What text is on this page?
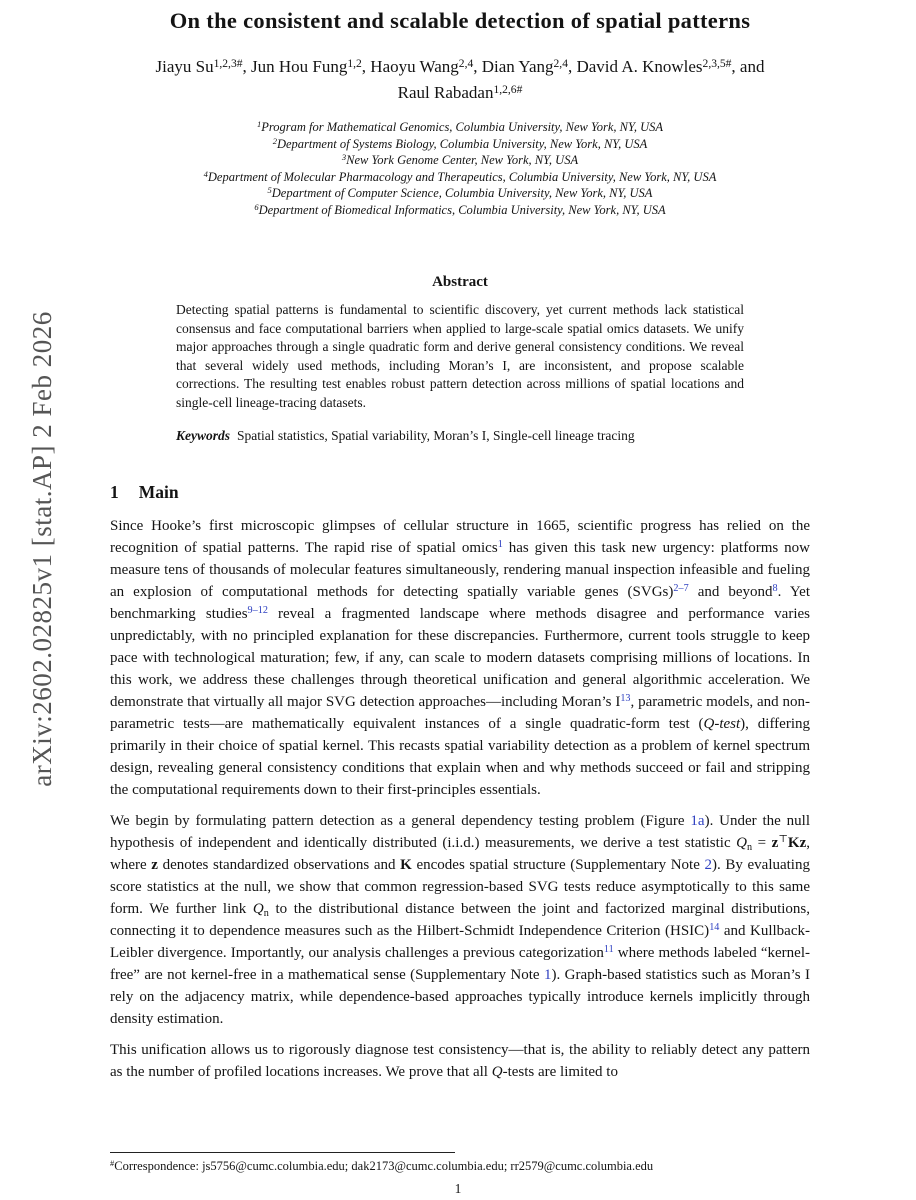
arXiv:2602.02825v1 [stat.AP] 2 Feb 2026
On the consistent and scalable detection of spatial patterns
Jiayu $Su^{1,2,3\#}$, Jun Hou Fung$^{1,2}$, Haoyu Wang$^{2,4}$, Dian Yang$^{2,4}$, David A. Knowles$^{2,3,5\#}$, and Raul Rabadan$^{1,2,6\#}$
$^1$Program for Mathematical Genomics, Columbia University, New York, NY, USA
$^2$Department of Systems Biology, Columbia University, New York, NY, USA
$^3$New York Genome Center, New York, NY, USA
$^4$Department of Molecular Pharmacology and Therapeutics, Columbia University, New York, NY, USA
$^5$Department of Computer Science, Columbia University, New York, NY, USA
$^6$Department of Biomedical Informatics, Columbia University, New York, NY, USA
Abstract
Detecting spatial patterns is fundamental to scientific discovery, yet current methods lack statistical consensus and face computational barriers when applied to large-scale spatial omics datasets. We unify major approaches through a single quadratic form and derive general consistency conditions. We reveal that several widely used methods, including Moran’s I, are inconsistent, and propose scalable corrections. The resulting test enables robust pattern detection across millions of spatial locations and single-cell lineage-tracing datasets.
Keywords Spatial statistics, Spatial variability, Moran’s I, Single-cell lineage tracing
1 Main
Since Hooke’s first microscopic glimpses of cellular structure in 1665, scientific progress has relied on the recognition of spatial patterns. The rapid rise of spatial omics$^1$ has given this task new urgency: platforms now measure tens of thousands of molecular features simultaneously, rendering manual inspection infeasible and fueling an explosion of computational methods for detecting spatially variable genes (SVGs)$^{2-7}$ and beyond$^8$. Yet benchmarking studies$^{9-12}$ reveal a fragmented landscape where methods disagree and performance varies unpredictably, with no principled explanation for these discrepancies. Furthermore, current tools struggle to keep pace with technological maturation; few, if any, can scale to modern datasets comprising millions of locations. In this work, we address these challenges through theoretical unification and general algorithmic acceleration. We demonstrate that virtually all major SVG detection approaches—including Moran’s $I^{13}$, parametric models, and non-parametric tests—are mathematically equivalent instances of a single quadratic-form test (Q-test), differing primarily in their choice of spatial kernel. This recasts spatial variability detection as a problem of kernel spectrum design, revealing general consistency conditions that explain when and why methods succeed or fail and stripping the computational requirements down to their first-principles essentials.
We begin by formulating pattern detection as a general dependency testing problem (Figure 1a). Under the null hypothesis of independent and identically distributed (i.i.d.) measurements, we derive a test statistic Qn = z⊤Kz, where z denotes standardized observations and K encodes spatial structure (Supplementary Note 2). By evaluating score statistics at the null, we show that common regression-based SVG tests reduce asymptotically to this same form. We further link Qn to the distributional distance between the joint and factorized marginal distributions, connecting it to dependence measures such as the Hilbert-Schmidt Independence Criterion (HSIC)$^{14}$ and Kullback-Leibler divergence. Importantly, our analysis challenges a previous categorization$^{11}$ where methods labeled “kernel-free” are not kernel-free in a mathematical sense (Supplementary Note 1). Graph-based statistics such as Moran’s I rely on the adjacency matrix, while dependence-based approaches typically introduce kernels implicitly through density estimation.
This unification allows us to rigorously diagnose test consistency—that is, the ability to reliably detect any pattern as the number of profiled locations increases. We prove that all Q-tests are limited to
#Correspondence: js5756@cumc.columbia.edu; dak2173@cumc.columbia.edu; rr2579@cumc.columbia.edu
1
